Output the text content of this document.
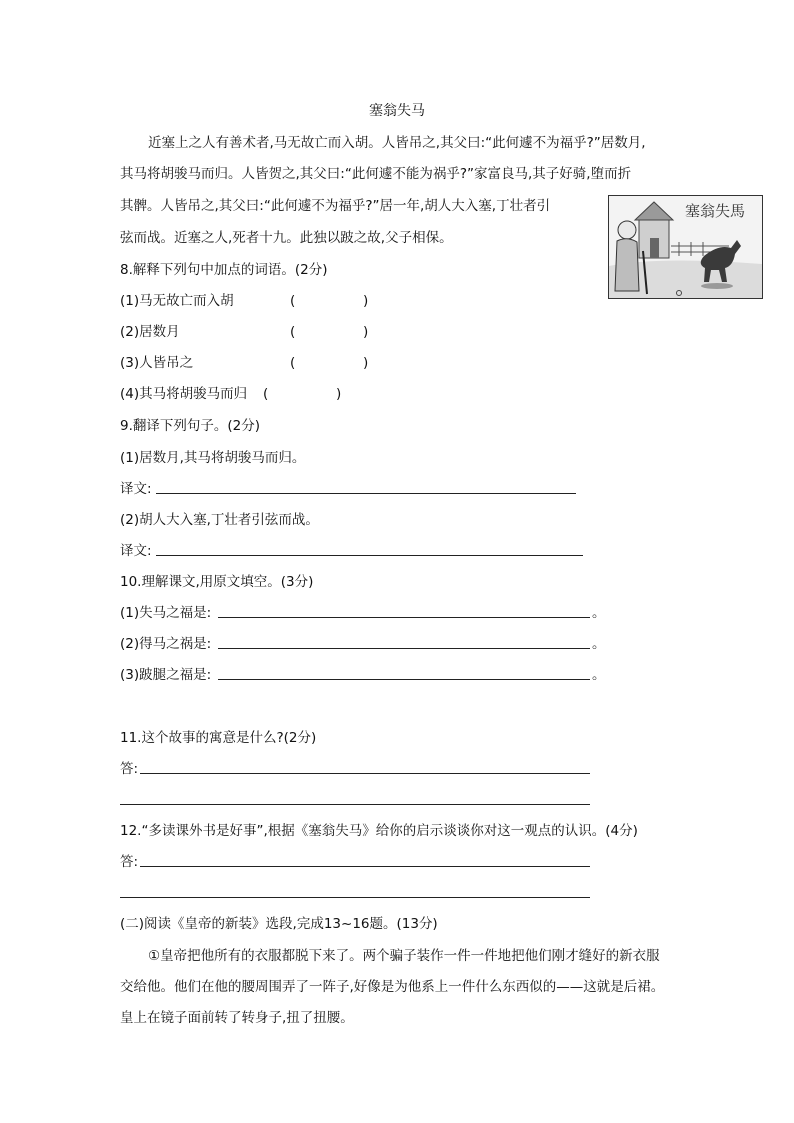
塞翁失马
近塞上之人有善术者,马无故亡而入胡。人皆吊之,其父曰:“此何遽不为福乎?”居数月,
其马将胡骏马而归。人皆贺之,其父曰:“此何遽不能为祸乎?”家富良马,其子好骑,堕而折
其髀。人皆吊之,其父曰:“此何遽不为福乎?”居一年,胡人大入塞,丁壮者引
弦而战。近塞之人,死者十九。此独以跛之故,父子相保。
塞翁失馬
8.解释下列句中加点的词语。(2分)
(1)马无故亡而入胡	(	)
(2)居数月	(	)
(3)人皆吊之	(	)
(4)其马将胡骏马而归 (	)
9.翻译下列句子。(2分)
(1)居数月,其马将胡骏马而归。
译文:
(2)胡人大入塞,丁壮者引弦而战。
译文:
10.理解课文,用原文填空。(3分)
(1)失马之福是:	。
(2)得马之祸是:	。
(3)跛腿之福是:	。
11.这个故事的寓意是什么?(2分)
答:
12.“多读课外书是好事”,根据《塞翁失马》给你的启示谈谈你对这一观点的认识。(4分)
答:
(二)阅读《皇帝的新装》选段,完成13~16题。(13分)
①皇帝把他所有的衣服都脱下来了。两个骗子装作一件一件地把他们刚才缝好的新衣服
交给他。他们在他的腰周围弄了一阵子,好像是为他系上一件什么东西似的——这就是后裙。
皇上在镜子面前转了转身子,扭了扭腰。
